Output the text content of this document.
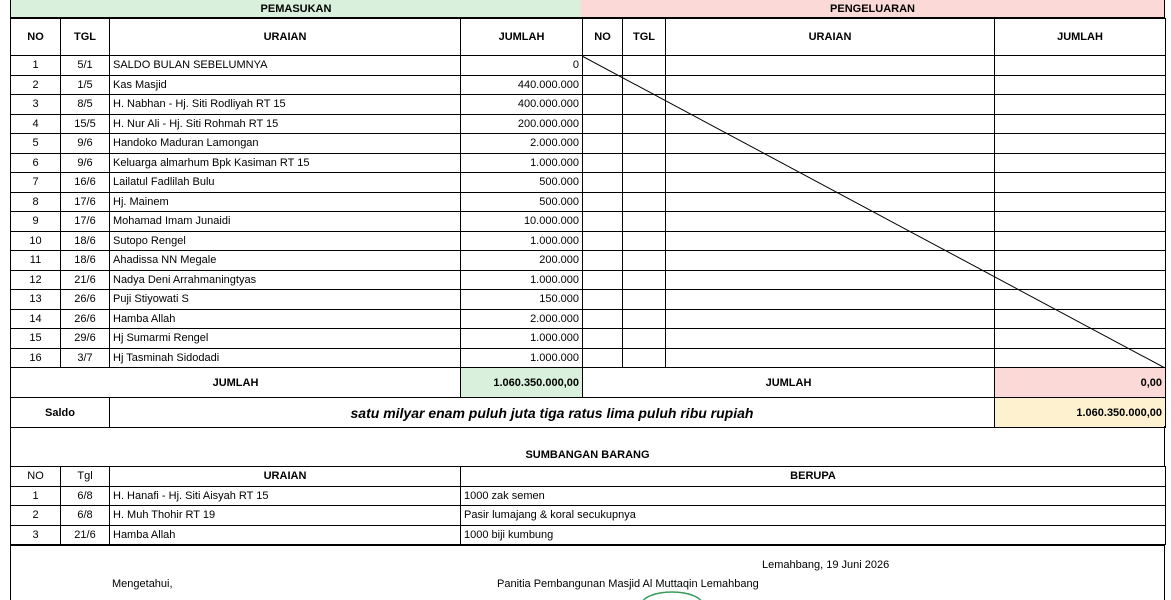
PEMASUKAN	PENGELUARAN
NO	TGL	URAIAN	JUMLAH	NO	TGL	URAIAN	JUMLAH
1	5/1	SALDO BULAN SEBELUMNYA	0				
2	1/5	Kas Masjid	440.000.000				
3	8/5	H. Nabhan - Hj. Siti Rodliyah RT 15	400.000.000				
4	15/5	H. Nur Ali - Hj. Siti Rohmah RT 15	200.000.000				
5	9/6	Handoko Maduran Lamongan	2.000.000				
6	9/6	Keluarga almarhum Bpk Kasiman RT 15	1.000.000				
7	16/6	Lailatul Fadlilah Bulu	500.000				
8	17/6	Hj. Mainem	500.000				
9	17/6	Mohamad Imam Junaidi	10.000.000				
10	18/6	Sutopo Rengel	1.000.000				
11	18/6	Ahadissa NN Megale	200.000				
12	21/6	Nadya Deni Arrahmaningtyas	1.000.000				
13	26/6	Puji Stiyowati S	150.000				
14	26/6	Hamba Allah	2.000.000				
15	29/6	Hj Sumarmi Rengel	1.000.000				
16	3/7	Hj Tasminah Sidodadi	1.000.000				
JUMLAH			1.060.350.000,00	JUMLAH			0,00
Saldo		satu milyar enam puluh juta tiga ratus lima puluh ribu rupiah					1.060.350.000,00
SUMBANGAN BARANG
NO	Tgl	URAIAN	BERUPA
1	6/8	H. Hanafi - Hj. Siti Aisyah RT 15	1000 zak semen
2	6/8	H. Muh Thohir RT 19	Pasir lumajang & koral secukupnya
3	21/6	Hamba Allah	1000 biji kumbung
Lemahbang, 19 Juni 2026
Mengetahui,	Panitia Pembangunan Masjid Al Muttaqin Lemahbang
